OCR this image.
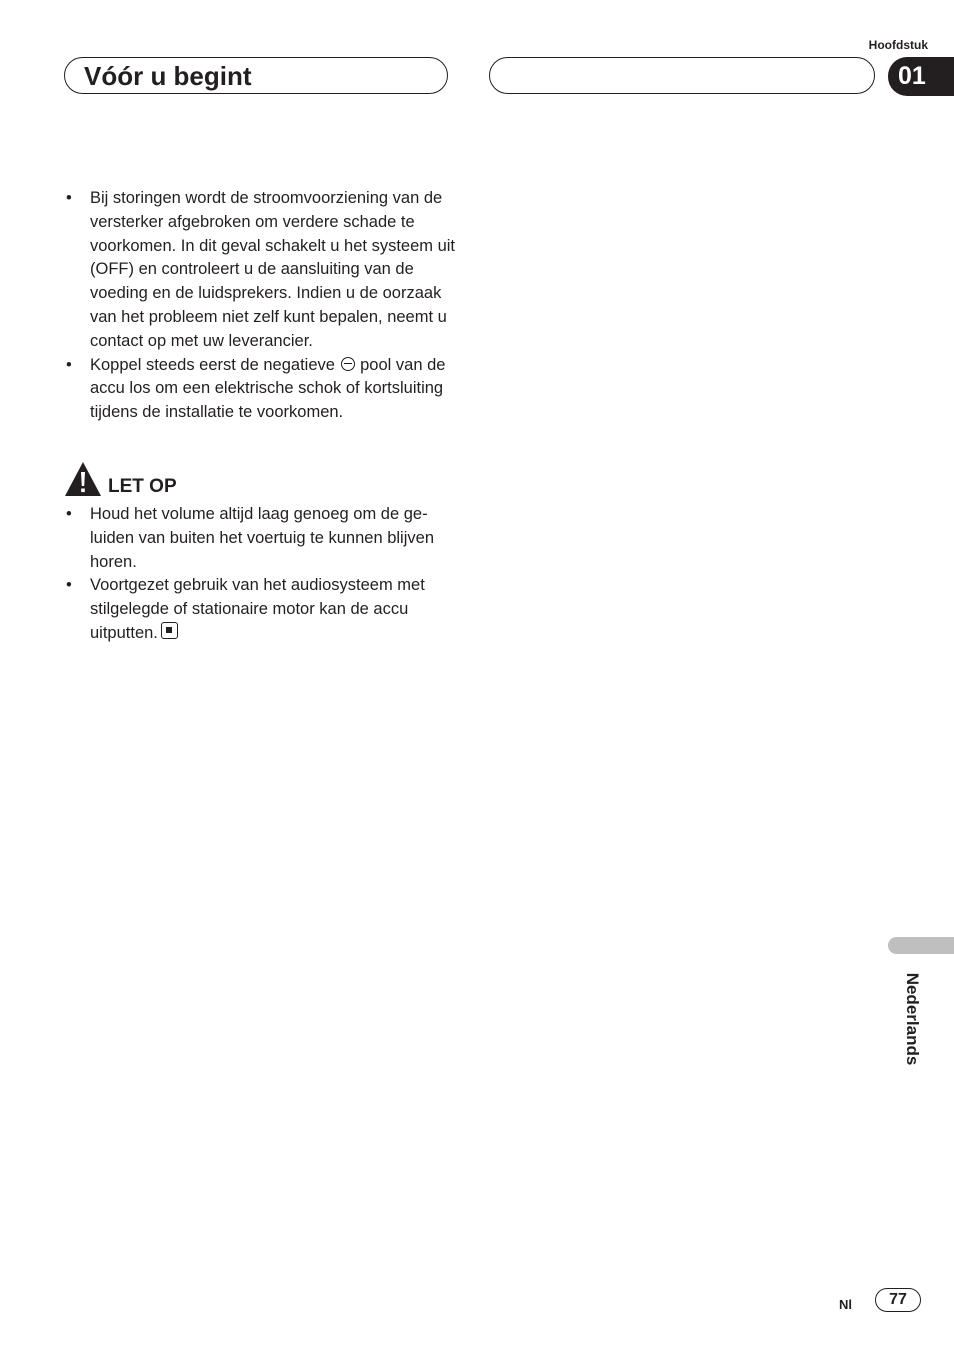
Hoofdstuk
Vóór u begint	01
• Bij storingen wordt de stroomvoorziening van de versterker afgebroken om verdere schade te voorkomen. In dit geval schakelt u het systeem uit (OFF) en controleert u de aansluiting van de voeding en de luidsprekers. Indien u de oorzaak van het probleem niet zelf kunt bepalen, neemt u contact op met uw leverancier.
• Koppel steeds eerst de negatieve pool van de accu los om een elektrische schok of kortsluiting tijdens de installatie te voorkomen.
LET OP
• Houd het volume altijd laag genoeg om de geluiden van buiten het voertuig te kunnen blijven horen.
• Voortgezet gebruik van het audiosysteem met stilgelegde of stationaire motor kan de accu uitputten.
Nederlands
Nl	77
